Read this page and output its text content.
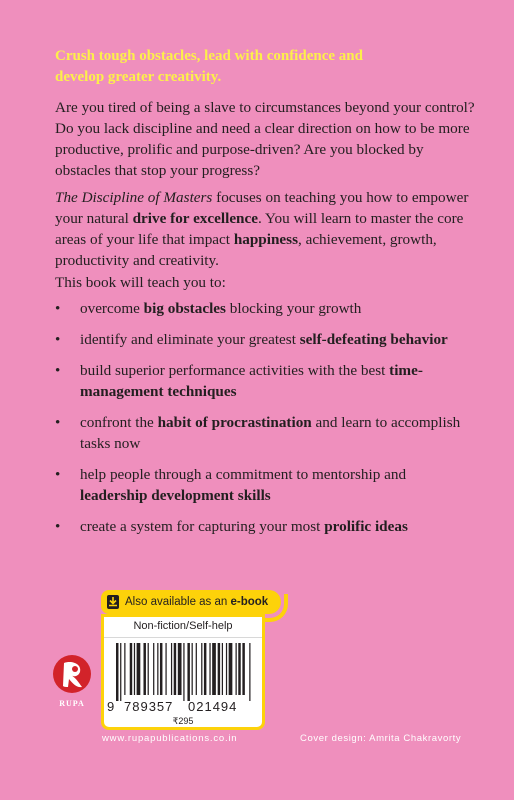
Crush tough obstacles, lead with confidence and
develop greater creativity.

Are you tired of being a slave to circumstances beyond your control? Do you lack discipline and need a clear direction on how to be more productive, prolific and purpose-driven? Are you blocked by obstacles that stop your progress?

The Discipline of Masters focuses on teaching you how to empower your natural drive for excellence. You will learn to master the core areas of your life that impact happiness, achievement, growth, productivity and creativity.

This book will teach you to:

• overcome big obstacles blocking your growth
• identify and eliminate your greatest self-defeating behavior
• build superior performance activities with the best time-management techniques
• confront the habit of procrastination and learn to accomplish tasks now
• help people through a commitment to mentorship and leadership development skills
• create a system for capturing your most prolific ideas
Also available as an e-book
Non-fiction/Self-help
9 789357 021494
₹295
RUPA
www.rupapublications.co.in	Cover design: Amrita Chakravorty
